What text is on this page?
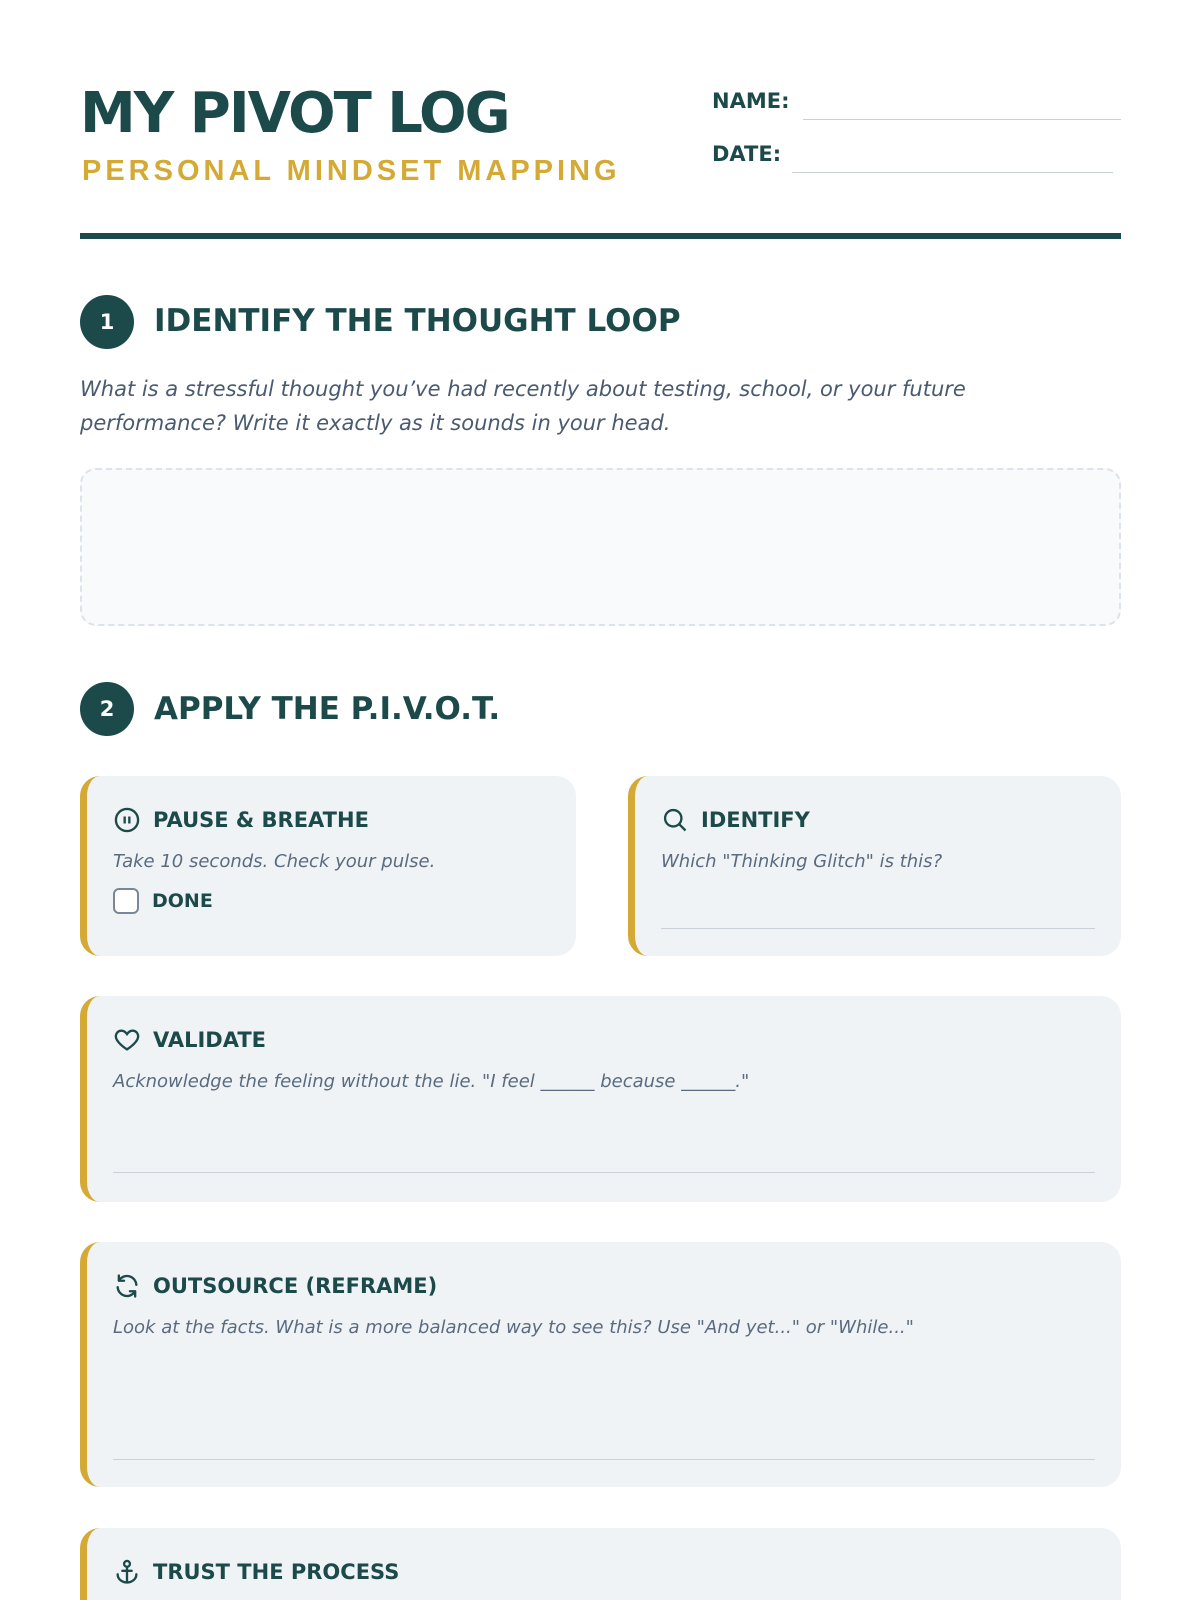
MY PIVOT LOG
PERSONAL MINDSET MAPPING
NAME:
DATE:
1	IDENTIFY THE THOUGHT LOOP
What is a stressful thought you’ve had recently about testing, school, or your future performance? Write it exactly as it sounds in your head.
2	APPLY THE P.I.V.O.T.
PAUSE & BREATHE
Take 10 seconds. Check your pulse.
DONE
IDENTIFY
Which "Thinking Glitch" is this?
VALIDATE
Acknowledge the feeling without the lie. "I feel ______ because ______."
OUTSOURCE (REFRAME)
Look at the facts. What is a more balanced way to see this? Use "And yet..." or "While..."
TRUST THE PROCESS
